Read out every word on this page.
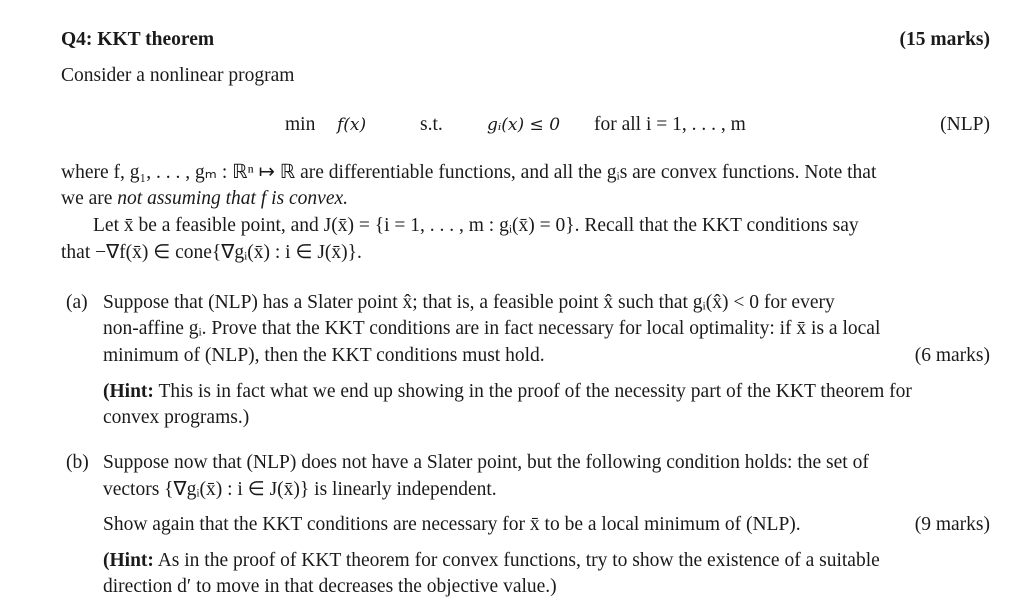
Q4: KKT theorem	(15 marks)
Consider a nonlinear program
min f(x)	s.t.	gᵢ(x) ≤ 0 for all i = 1, . . . , m	(NLP)
where f, g₁, . . . , gₘ : ℝⁿ ↦ ℝ are differentiable functions, and all the gᵢs are convex functions. Note that
we are not assuming that f is convex.
Let x̄ be a feasible point, and J(x̄) = {i = 1, . . . , m : gᵢ(x̄) = 0}. Recall that the KKT conditions say
that −∇f(x̄) ∈ cone{∇gᵢ(x̄) : i ∈ J(x̄)}.
(a) Suppose that (NLP) has a Slater point x̂; that is, a feasible point x̂ such that gᵢ(x̂) < 0 for every
non-affine gᵢ. Prove that the KKT conditions are in fact necessary for local optimality: if x̄ is a local
minimum of (NLP), then the KKT conditions must hold.	(6 marks)
(Hint: This is in fact what we end up showing in the proof of the necessity part of the KKT theorem for
convex programs.)
(b) Suppose now that (NLP) does not have a Slater point, but the following condition holds: the set of
vectors {∇gᵢ(x̄) : i ∈ J(x̄)} is linearly independent.
Show again that the KKT conditions are necessary for x̄ to be a local minimum of (NLP).	(9 marks)
(Hint: As in the proof of KKT theorem for convex functions, try to show the existence of a suitable
direction d′ to move in that decreases the objective value.)
